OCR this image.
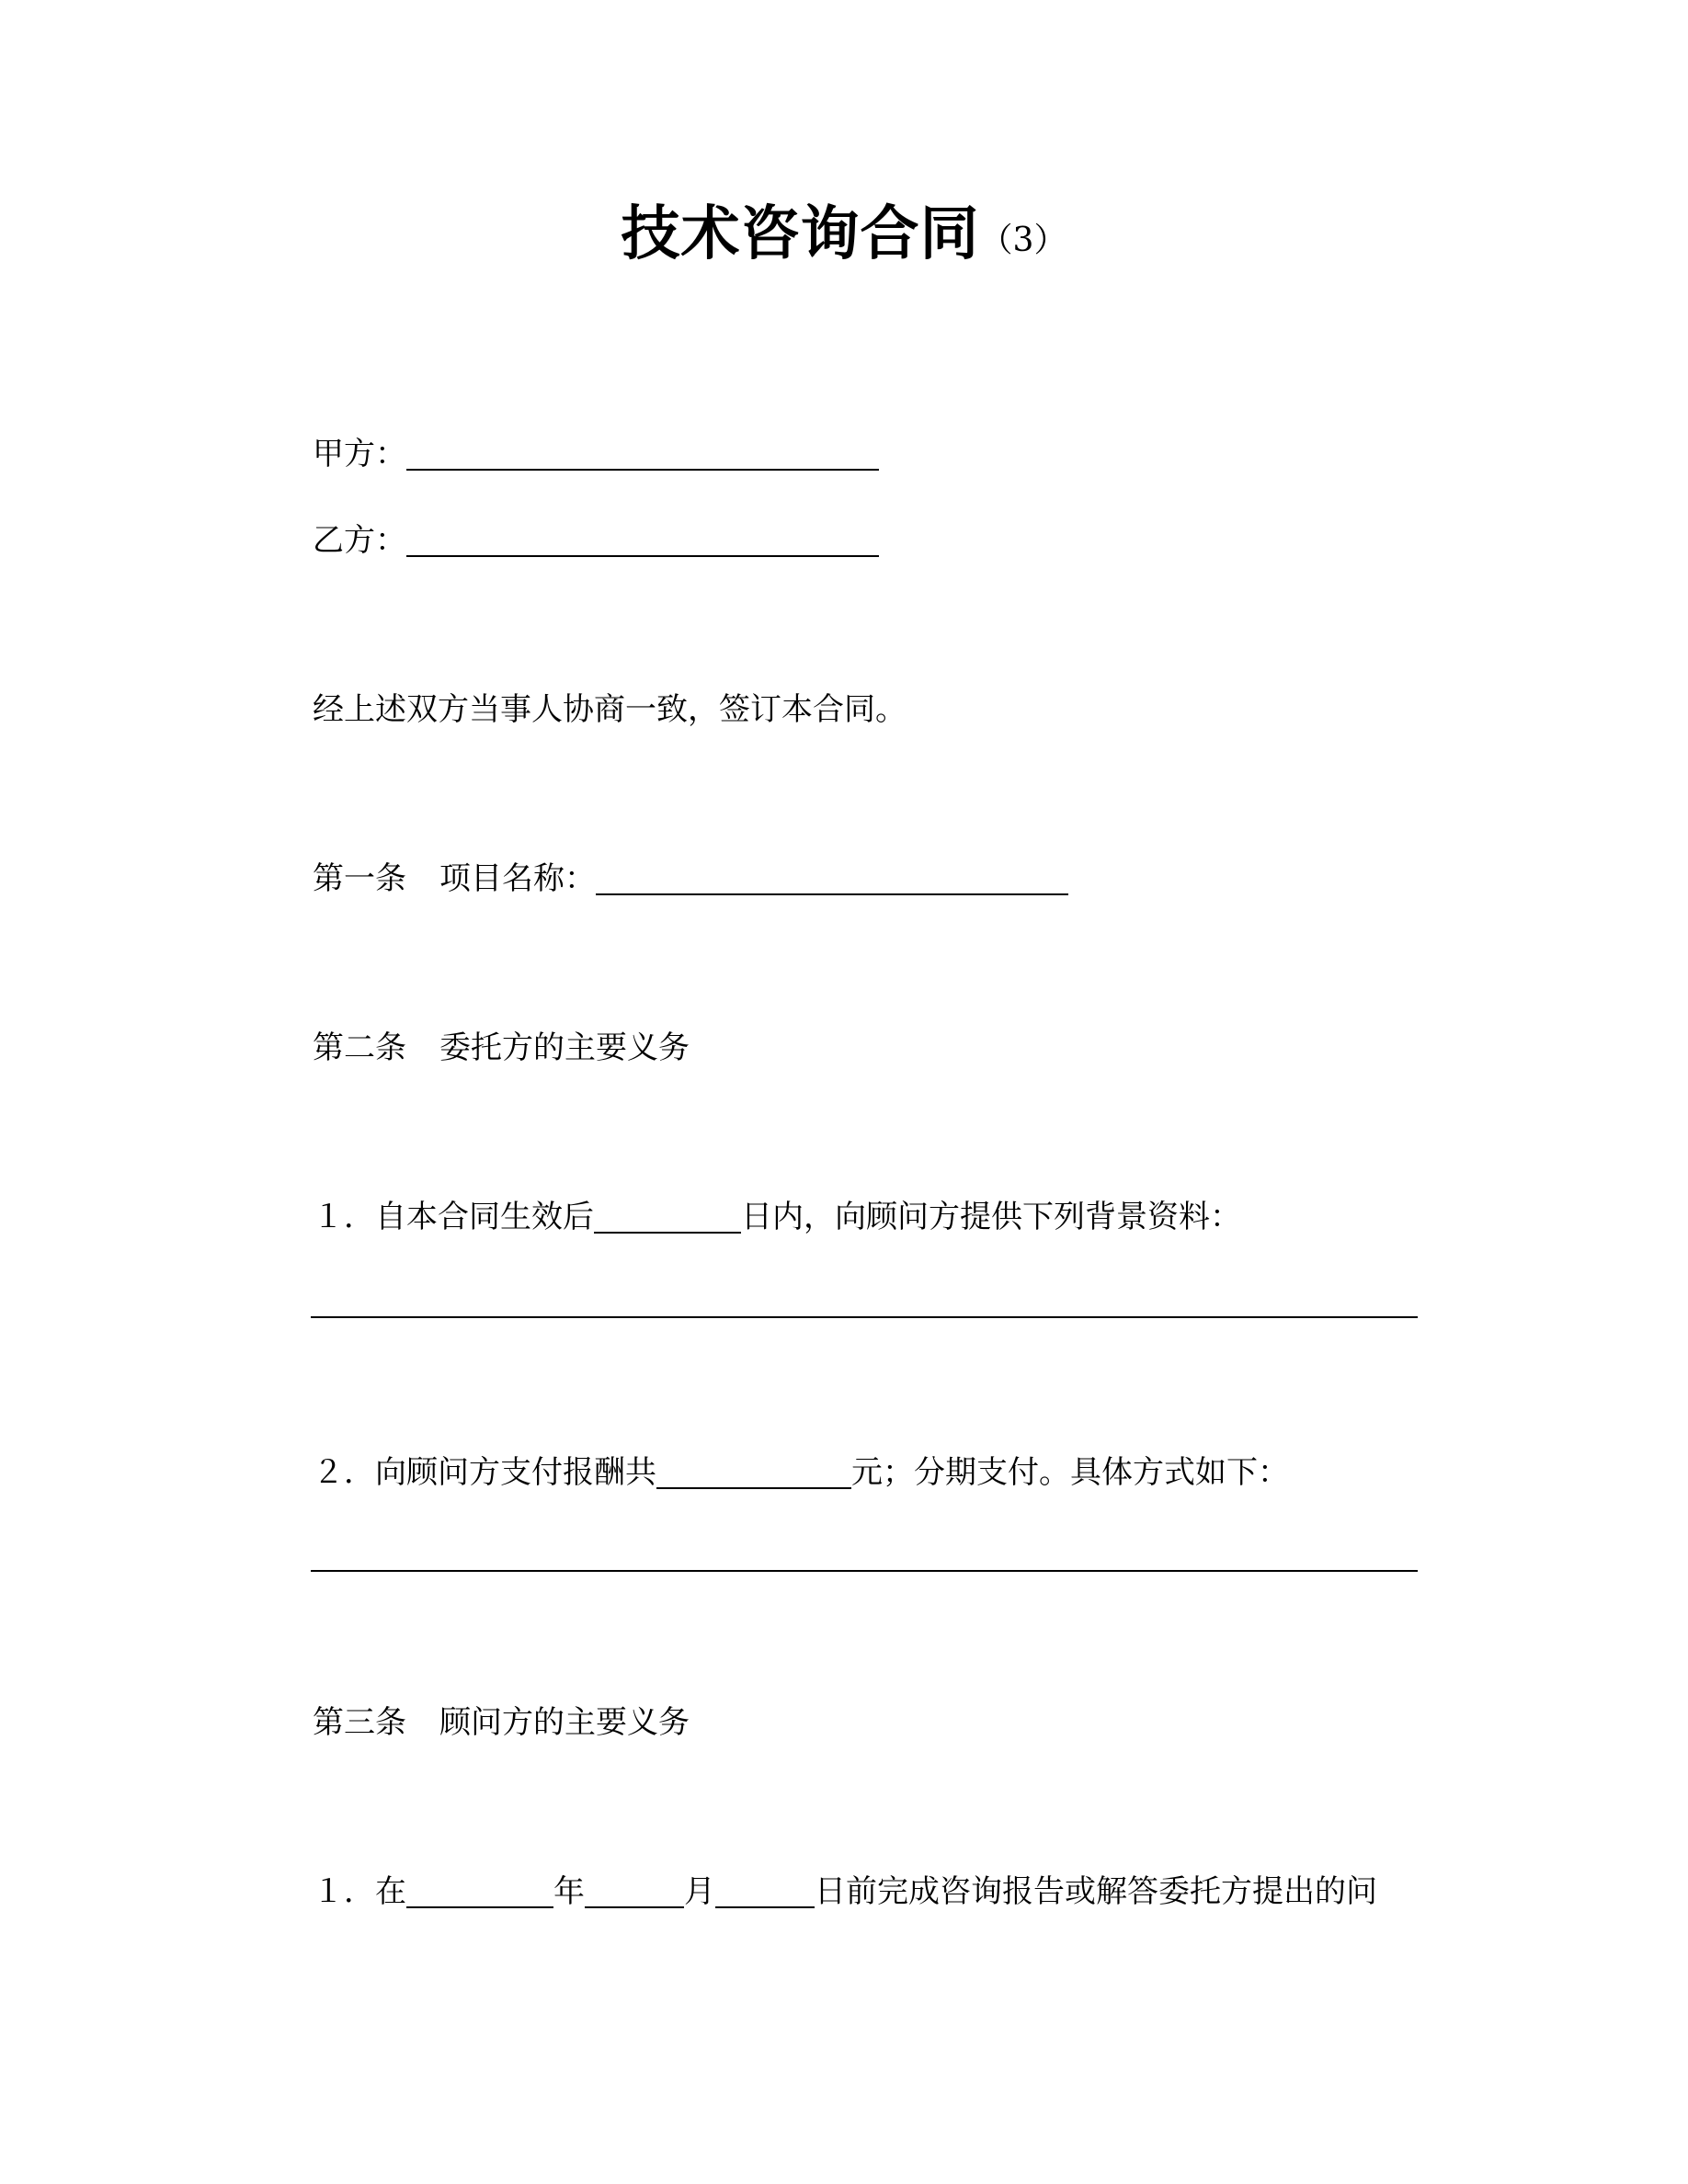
技术咨询合同（3）
甲方：
乙方：
经上述双方当事人协商一致，签订本合同。
第一条 项目名称：
第二条 委托方的主要义务
１．自本合同生效后	日内，向顾问方提供下列背景资料：
２．向顾问方支付报酬共	元；分期支付。具体方式如下：
第三条 顾问方的主要义务
１．在	年	月	日前完成咨询报告或解答委托方提出的问
